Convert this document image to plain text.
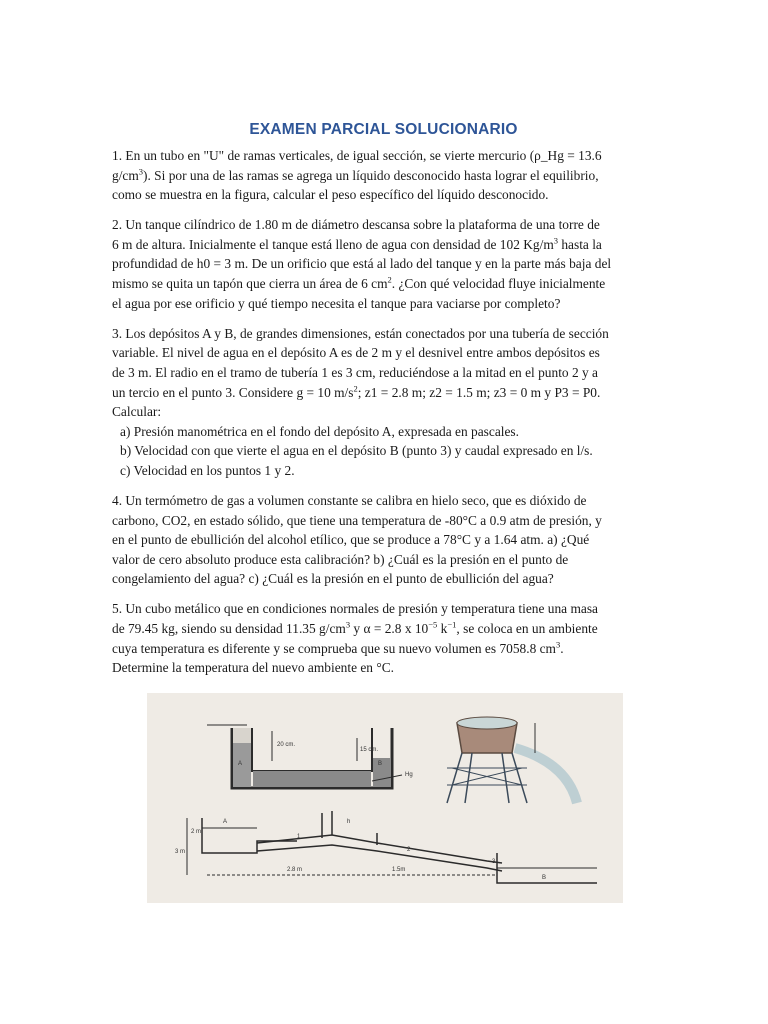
EXAMEN PARCIAL SOLUCIONARIO
1. En un tubo en "U" de ramas verticales, de igual sección, se vierte mercurio (ρ_Hg = 13.6
$g/cm^3$). Si por una de las ramas se agrega un líquido desconocido hasta lograr el equilibrio,
como se muestra en la figura, calcular el peso específico del líquido desconocido.
2. Un tanque cilíndrico de 1.80 m de diámetro descansa sobre la plataforma de una torre de
6 m de altura. Inicialmente el tanque está lleno de agua con densidad de 102 $Kg/m^3$ hasta la
profundidad de h0 = 3 m. De un orificio que está al lado del tanque y en la parte más baja del
mismo se quita un tapón que cierra un área de 6 $cm^2$. ¿Con qué velocidad fluye inicialmente
el agua por ese orificio y qué tiempo necesita el tanque para vaciarse por completo?
3. Los depósitos A y B, de grandes dimensiones, están conectados por una tubería de sección
variable. El nivel de agua en el depósito A es de 2 m y el desnivel entre ambos depósitos es
de 3 m. El radio en el tramo de tubería 1 es 3 cm, reduciéndose a la mitad en el punto 2 y a
un tercio en el punto 3. Considere g = 10 $m/s^2$; z1 = 2.8 m; z2 = 1.5 m; z3 = 0 m y P3 = P0.
Calcular:
a) Presión manométrica en el fondo del depósito A, expresada en pascales.
b) Velocidad con que vierte el agua en el depósito B (punto 3) y caudal expresado en l/s.
c) Velocidad en los puntos 1 y 2.
4. Un termómetro de gas a volumen constante se calibra en hielo seco, que es dióxido de
carbono, CO2, en estado sólido, que tiene una temperatura de -80°C a 0.9 atm de presión, y
en el punto de ebullición del alcohol etílico, que se produce a 78°C y a 1.64 atm. a) ¿Qué
valor de cero absoluto produce esta calibración? b) ¿Cuál es la presión en el punto de
congelamiento del agua? c) ¿Cuál es la presión en el punto de ebullición del agua?
5. Un cubo metálico que en condiciones normales de presión y temperatura tiene una masa
de 79.45 kg, siendo su densidad 11.35 $g/cm^3$ y α = 2.8 x $10^{-5}$ $k^{-1}$, se coloca en un ambiente
cuya temperatura es diferente y se comprueba que su nuevo volumen es 7058.8 $cm^3$.
Determine la temperatura del nuevo ambiente en °C.
20 cm.
15 cm.
A	B
Hg
h
2.8 m	1.5m
3 m
2 m
A
B
1
2
3
